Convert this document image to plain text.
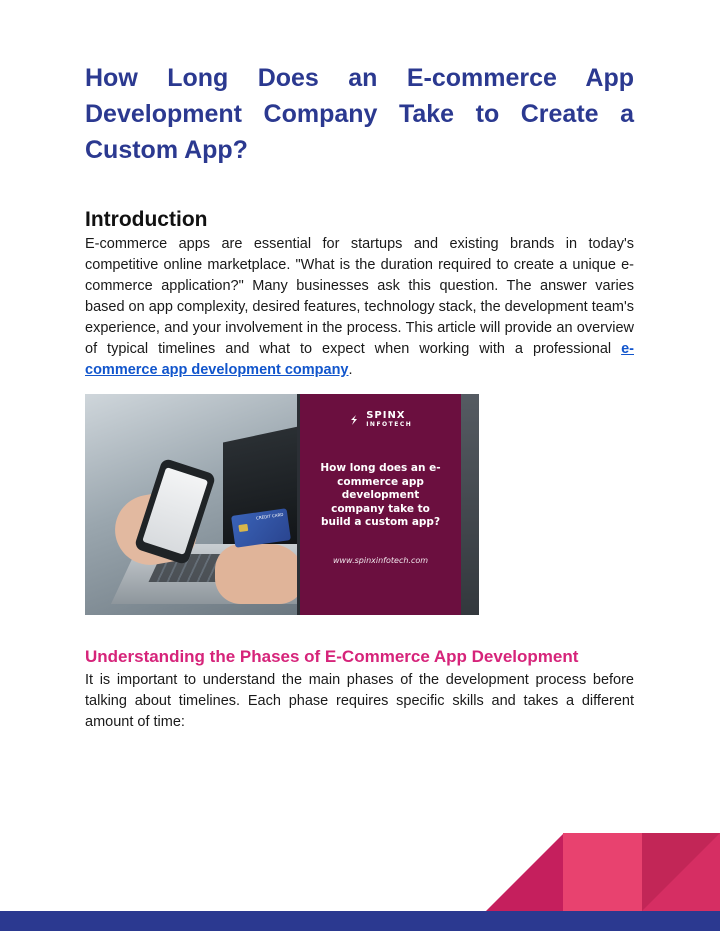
How Long Does an E-commerce App Development Company Take to Create a Custom App?
Introduction

E-commerce apps are essential for startups and existing brands in today's competitive online marketplace. "What is the duration required to create a unique e-commerce application?" Many businesses ask this question. The answer varies based on app complexity, desired features, technology stack, the development team's experience, and your involvement in the process. This article will provide an overview of typical timelines and what to expect when working with a professional e-commerce app development company.

CREDIT CARD

SPINX
INFOTECH
How long does an e-
commerce app
development
company take to
build a custom app?
www.spinxinfotech.com
Understanding the Phases of E-Commerce App Development

It is important to understand the main phases of the development process before talking about timelines. Each phase requires specific skills and takes a different amount of time:
